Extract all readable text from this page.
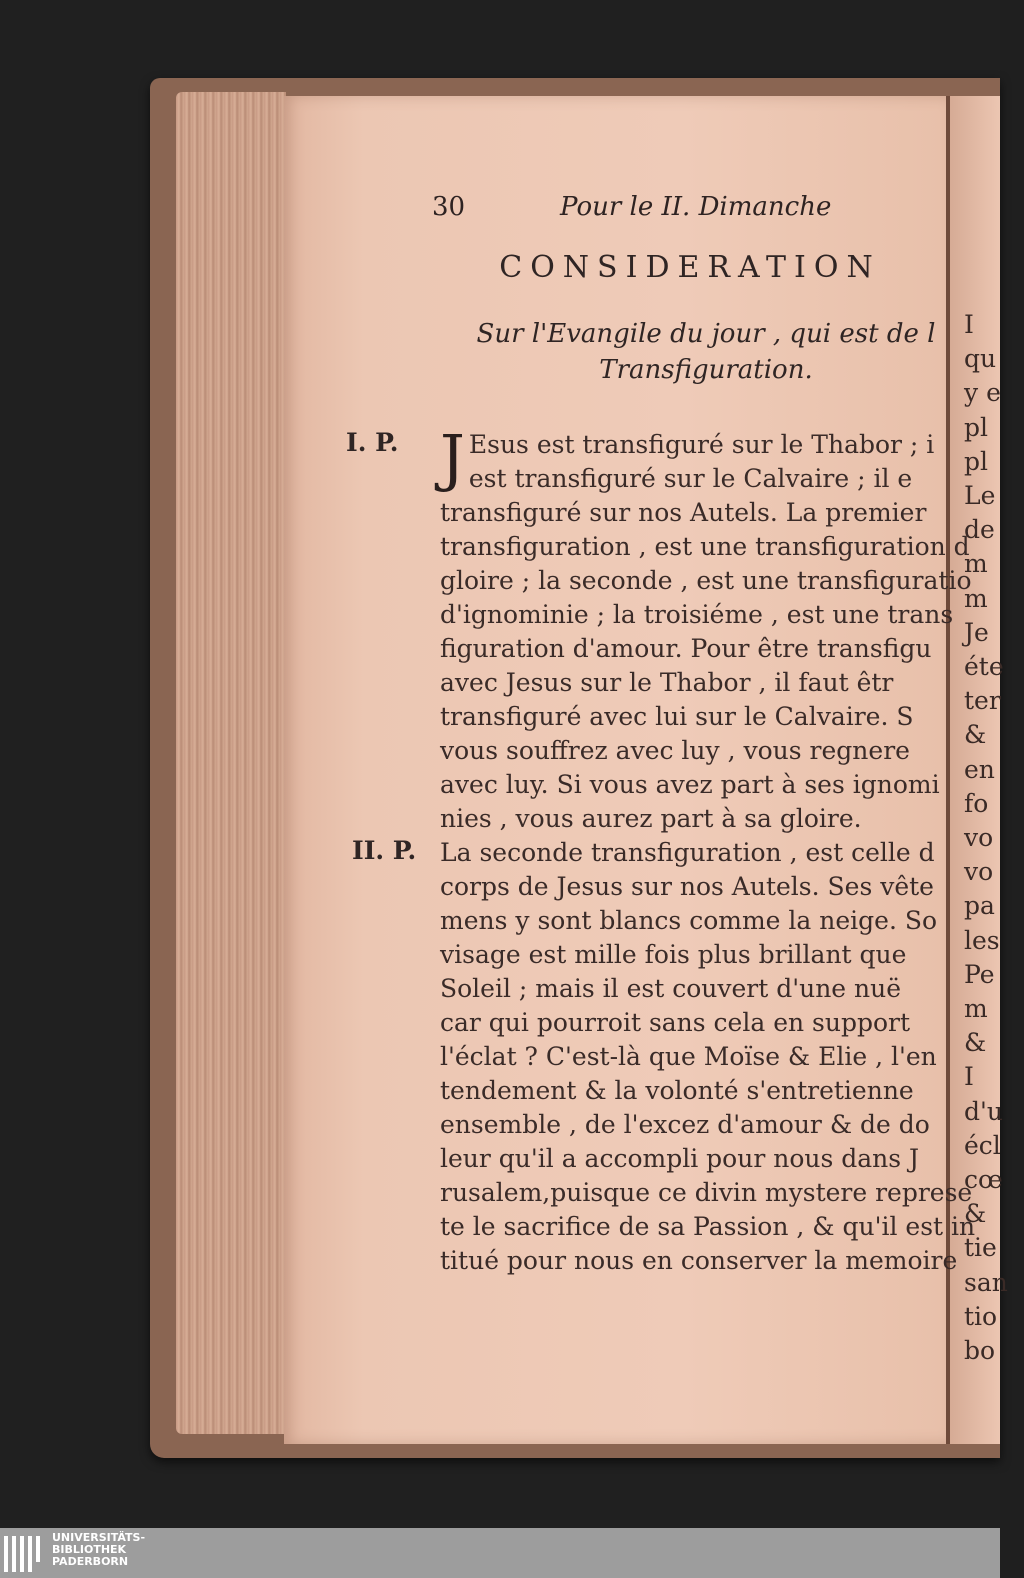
I
qu
y e
pl
pl
Le
de
m
m
Je
éte
ter
&
en
fo
vo
vo
pa
les
Pe
m
&
I
d'u
écl
cœ
&
tie
san
tio
bo
30	Pour le II. Dimanche
CONSIDERATION
Sur l'Evangile du jour , qui est de l
Transfiguration.
I. P. J Esus est transfiguré sur le Thabor ; i
est transfiguré sur le Calvaire ; il e
transfiguré sur nos Autels. La premier
transfiguration , est une transfiguration d
gloire ; la seconde , est une transfiguratio
d'ignominie ; la troisiéme , est une trans
figuration d'amour. Pour être transfigu
avec Jesus sur le Thabor , il faut êtr
transfiguré avec lui sur le Calvaire. S
vous souffrez avec luy , vous regnere
avec luy. Si vous avez part à ses ignomi
nies , vous aurez part à sa gloire.
II. P. La seconde transfiguration , est celle d
corps de Jesus sur nos Autels. Ses vête
mens y sont blancs comme la neige. So
visage est mille fois plus brillant que
Soleil ; mais il est couvert d'une nuë
car qui pourroit sans cela en support
l'éclat ? C'est-là que Moïse & Elie , l'en
tendement & la volonté s'entretienne
ensemble , de l'excez d'amour & de do
leur qu'il a accompli pour nous dans J
rusalem,puisque ce divin mystere represe
te le sacrifice de sa Passion , & qu'il est in
titué pour nous en conserver la memoire
UNIVERSITÄTS-
BIBLIOTHEK
PADERBORN
